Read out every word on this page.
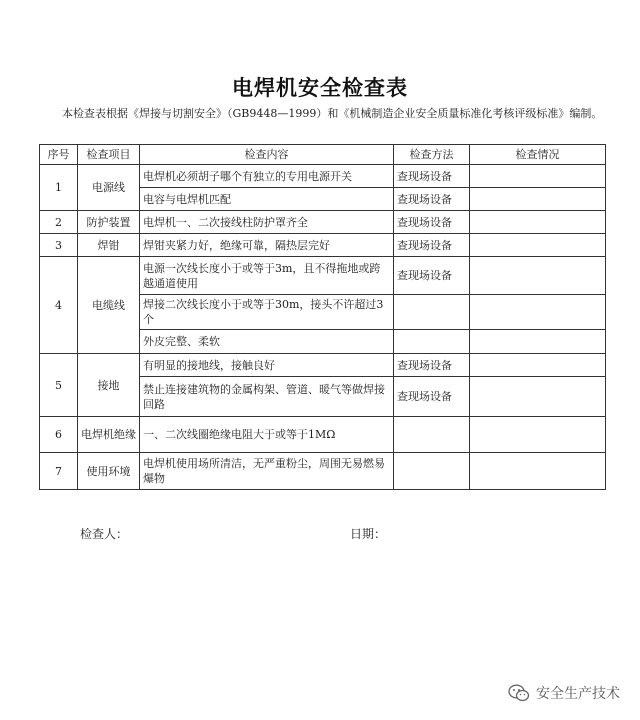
电焊机安全检查表
本检查表根据《焊接与切割安全》（GB9448—1999）和《机械制造企业安全质量标准化考核评级标准》编制。
序号	检查项目	检查内容	检查方法	检查情况
1	电源线	电焊机必须胡子哪个有独立的专用电源开关	查现场设备	
		电容与电焊机匹配	查现场设备	
2	防护装置	电焊机一、二次接线柱防护罩齐全	查现场设备	
3	焊钳	焊钳夹紧力好，绝缘可靠，隔热层完好	查现场设备	
4	电缆线	电源一次线长度小于或等于3m，且不得拖地或跨越通道使用	查现场设备	
		焊接二次线长度小于或等于30m，接头不许超过3个		
		外皮完整、柔软		
5	接地	有明显的接地线，接触良好	查现场设备	
		禁止连接建筑物的金属构架、管道、暖气等做焊接回路	查现场设备	
6	电焊机绝缘	一、二次线圈绝缘电阻大于或等于1MΩ		
7	使用环境	电焊机使用场所清洁，无严重粉尘，周围无易燃易爆物		
检查人：	日期：
安全生产技术
